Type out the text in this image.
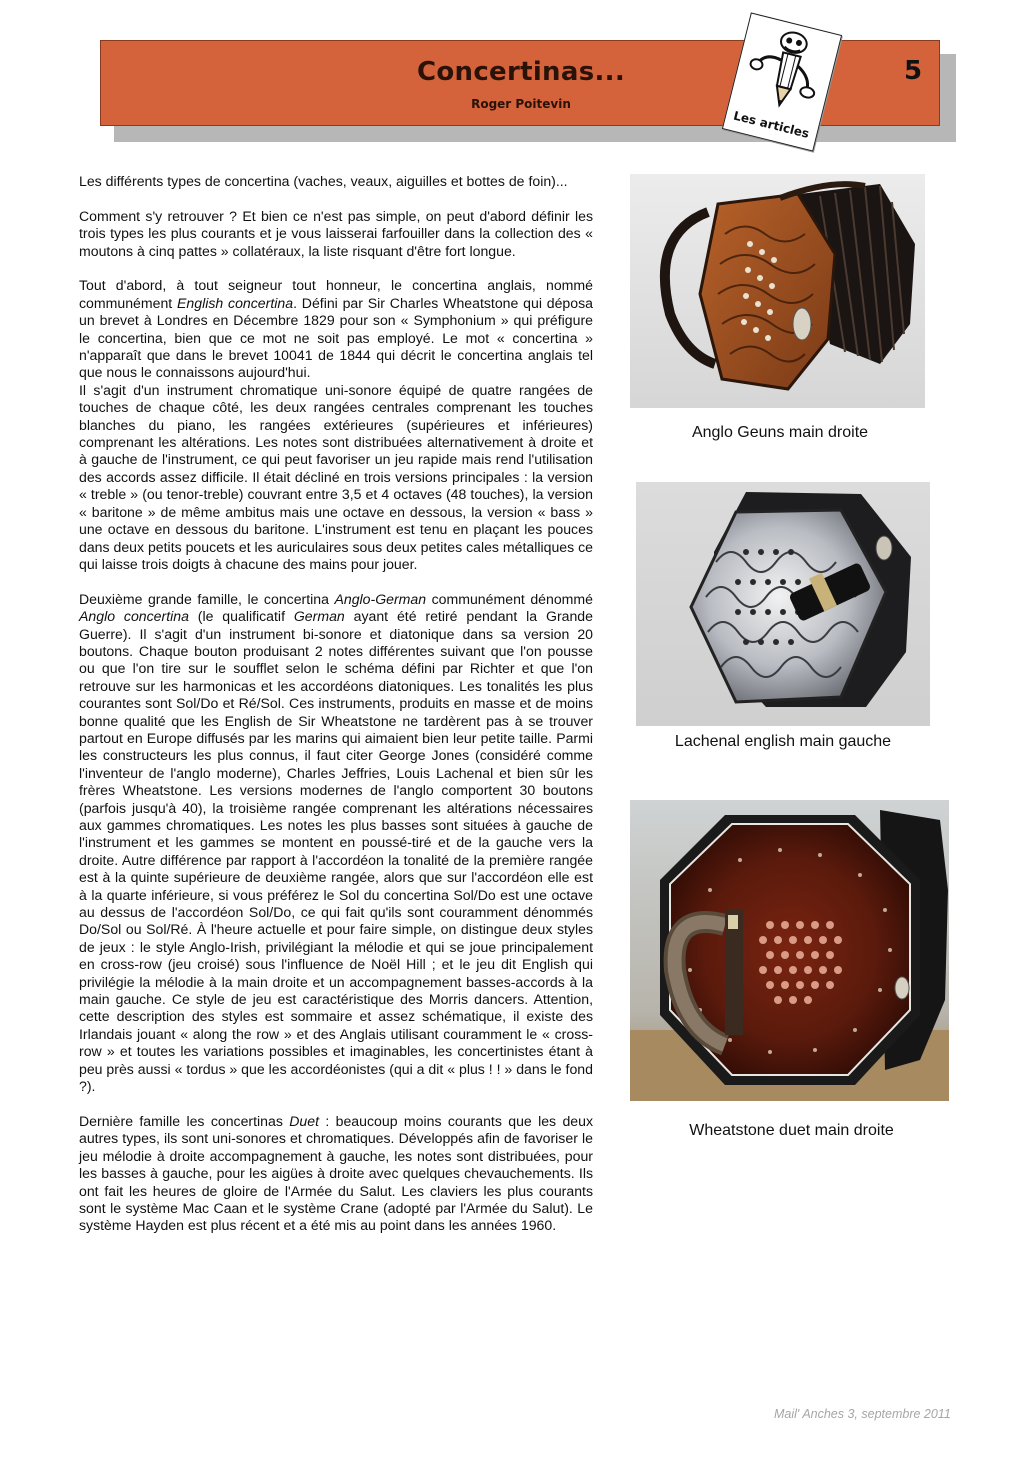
Concertinas...
Roger Poitevin
5
Les articles

Les différents types de concertina (vaches, veaux, aiguilles et bottes de foin)...

Comment s'y retrouver ? Et bien ce n'est pas simple, on peut d'abord définir les trois types les plus courants et je vous laisserai farfouiller dans la collection des « moutons à cinq pattes » collatéraux, la liste risquant d'être fort longue.

Tout d'abord, à tout seigneur tout honneur, le concertina anglais, nommé communément English concertina. Défini par Sir Charles Wheatstone qui déposa un brevet à Londres en Décembre 1829 pour son « Symphonium » qui préfigure le concertina, bien que ce mot ne soit pas employé. Le mot « concertina » n'apparaît que dans le brevet 10041 de 1844 qui décrit le concertina anglais tel que nous le connaissons aujourd'hui.

Il s'agit d'un instrument chromatique uni-sonore équipé de quatre rangées de touches de chaque côté, les deux rangées centrales comprenant les touches blanches du piano, les rangées extérieures (supérieures et inférieures) comprenant les altérations. Les notes sont distribuées alternativement à droite et à gauche de l'instrument, ce qui peut favoriser un jeu rapide mais rend l'utilisation des accords assez difficile. Il était décliné en trois versions principales : la version « treble » (ou tenor-treble) couvrant entre 3,5 et 4 octaves (48 touches), la version « baritone » de même ambitus mais une octave en dessous, la version « bass » une octave en dessous du baritone. L'instrument est tenu en plaçant les pouces dans deux petits poucets et les auriculaires sous deux petites cales métalliques ce qui laisse trois doigts à chacune des mains pour jouer.

Deuxième grande famille, le concertina Anglo-German communément dénommé Anglo concertina (le qualificatif German ayant été retiré pendant la Grande Guerre). Il s'agit d'un instrument bi-sonore et diatonique dans sa version 20 boutons. Chaque bouton produisant 2 notes différentes suivant que l'on pousse ou que l'on tire sur le soufflet selon le schéma défini par Richter et que l'on retrouve sur les harmonicas et les accordéons diatoniques. Les tonalités les plus courantes sont Sol/Do et Ré/Sol. Ces instruments, produits en masse et de moins bonne qualité que les English de Sir Wheatstone ne tardèrent pas à se trouver partout en Europe diffusés par les marins qui aimaient bien leur petite taille. Parmi les constructeurs les plus connus, il faut citer George Jones (considéré comme l'inventeur de l'anglo moderne), Charles Jeffries, Louis Lachenal et bien sûr les frères Wheatstone. Les versions modernes de l'anglo comportent 30 boutons (parfois jusqu'à 40), la troisième rangée comprenant les altérations nécessaires aux gammes chromatiques. Les notes les plus basses sont situées à gauche de l'instrument et les gammes se montent en poussé-tiré et de la gauche vers la droite. Autre différence par rapport à l'accordéon la tonalité de la première rangée est à la quinte supérieure de deuxième rangée, alors que sur l'accordéon elle est à la quarte inférieure, si vous préférez le Sol du concertina Sol/Do est une octave au dessus de l'accordéon Sol/Do, ce qui fait qu'ils sont couramment dénommés Do/Sol ou Sol/Ré. À l'heure actuelle et pour faire simple, on distingue deux styles de jeux : le style Anglo-Irish, privilégiant la mélodie et qui se joue principalement en cross-row (jeu croisé) sous l'influence de Noël Hill ; et le jeu dit English qui privilégie la mélodie à la main droite et un accompagnement basses-accords à la main gauche. Ce style de jeu est caractéristique des Morris dancers. Attention, cette description des styles est sommaire et assez schématique, il existe des Irlandais jouant « along the row » et des Anglais utilisant couramment le « cross-row » et toutes les variations possibles et imaginables, les concertinistes étant à peu près aussi « tordus » que les accordéonistes (qui a dit « plus ! ! » dans le fond ?).

Dernière famille les concertinas Duet : beaucoup moins courants que les deux autres types, ils sont uni-sonores et chromatiques. Développés afin de favoriser le jeu mélodie à droite accompagnement à gauche, les notes sont distribuées, pour les basses à gauche, pour les aigües à droite avec quelques chevauchements. Ils ont fait les heures de gloire de l'Armée du Salut. Les claviers les plus courants sont le système Mac Caan et le système Crane (adopté par l'Armée du Salut). Le système Hayden est plus récent et a été mis au point dans les années 1960.

Anglo Geuns main droite
Lachenal english main gauche
Wheatstone duet main droite
Mail' Anches 3, septembre 2011
